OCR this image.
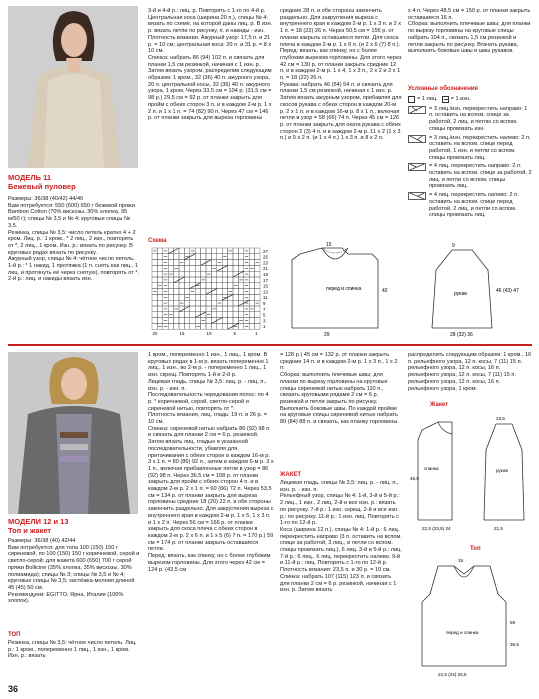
МОДЕЛЬ 11
Бежевый пуловер
Размеры: 36/38 (40/42) 44/46
Вам потребуется: 550 (600) 650 г бежевой пряжи Bamboo Cotton (70% вискозы, 30% хлопка, 95 м/50 г); спицы № 3,5 и № 4; круговые спицы № 3,5.
Резинка, спицы № 3,5: число петель кратно 4 + 2 кром. Лиц. р.: 1 кром., * 2 лиц., 2 изн., повторять от *, 2 лиц., 1 кром. Изн. р.: вязать по рисунку. В круговых рядах вязать по рисунку.
Ажурный узор, спицы № 4: чётное число петель. 1-й р.: * 1 накид, 1 протяжка (1 п. снять как лиц., 1 лиц. и протянуть её через снятую), повторять от *. 2-й р.: лиц. и накиды вязать изн.
3-й и 4-й р.: лиц. р. Повторять с 1-го по 4-й р.
Центральная коса (ширина 20 п.), спицы № 4: вязать по схеме, на которой даны лиц. р. В изн. р. вязать петли по рисунку, п. и накиды - изн.
Плотность вязания. Ажурный узор: 17,5 п. и 21 р. = 10 см; центральная коса: 20 п. и 31 р. = 8 х 10 см.
Спинка: набрать 86 (94) 102 п. и связать для планки 1,5 см резинкой, начиная с 1 изн. р. Затем вязать узором, распределив следующим образом: 1 кром., 32 (36) 40 п. ажурного узора, 20 п. центральной косы, 32 (36) 40 п. ажурного узора, 1 кром. Через 33,5 см = 104 р. (31,5 см = 98 р.) 29,5 см = 92 р. от планки закрыть для пройм с обеих сторон 3 п. и в каждом 2-м р. 1 х 2 п. и 1 х 1 п. = 74 (82) 90 п. Через 47 см = 146 р. от планки закрыть для выреза горловины
средние 28 п. и обе стороны закончить раздельно. Для закругления выреза с внутреннего края в каждом 2-м р. 1 х 3 п. и 2 х 1 п. = 18 (22) 26 п. Через 50,5 см = 156 р. от планки закрыть оставшиеся петли. Для скоса плеча в каждом 2-м р. 1 х 6 п. (и 2 х 6 (7) 8 п.).
Перед: вязать, как спинку, но с более глубоким вырезом горловины. Для этого через 42 см = 130 р. от планки закрыть средние 12 п. и в каждом 2-м р. 1 х 4, 1 х 3 п., 2 х 2 и 2 х 1 п. = 18 (22) 26 п.
Рукава: набрать 46 (54) 54 п. и связать для планки 1,5 см резинкой, начиная с 1 изн. р. Затем вязать ажурным узором, прибавляя для скосов рукава с обеих сторон в каждом 20-м р. 2 х 1 п. и в каждом 16-м р. 8 х 1 п., включая петли в узор = 58 (66) 74 п. Через 45 см = 126 р. от планки закрыть для оката рукава с обеих сторон 2 (3) 4 п. и в каждом 2-м р. 11 х 2 (1 х 3 п.) и 9 х 2 п. (и 1 х 4 п.) 1 х 3 п. и 8 х 2 п.
х 4 п. Через 48,5 см = 150 р. от планки закрыть оставшиеся 16 п.
Сборка: выполнить плечевые швы; для планки по вырезу горловины на круговые спицы набрать 104 п., связать 1,5 см резинкой и петли закрыть по рисунку. Втачать рукава, выполнить боковые швы и швы рукавов.
Условные обозначения
= 1 лиц. = 1 изн.
= 3 лиц./изн. перекрестить направо: 1 п. оставить на вспом. спице за работой, 2 лиц. и петлю со вспом. спицы провязать изн.
= 3 лиц./изн. перекрестить налево: 2 п. оставить на вспом. спице перед работой, 1 изн. и петли со вспом. спицы провязать лиц.
= 4 лиц. перекрестить направо: 2 п. оставить на вспом. спице за работой, 2 лиц. и петли со вспом. спицы провязать лиц.
= 4 лиц. перекрестить налево: 2 п. оставить на вспом. спице перед работой, 2 лиц. и петли со вспом. спицы провязать лиц.
Схема
27
25
23
21
19
17
15
13
11
9
7
5
3
1
20	15	10	5	1
перед и спинка	42
29
рукав	46 (43) 47
28 (32) 36
9
15
МОДЕЛИ 12 и 13
Топ и жакет
Размеры: 36/38 (40) 42/44
Вам потребуется: для топа 100 (150) 150 г сиреневой, по 100 (150) 150 г коричневой, серой и светло-серой; для жакета 600 (650) 700 г серой пряжи Bollicine (35% хлопка, 35% вискозы, 30% полиамида); спицы № 3; спицы № 3,5 и № 4; круговые спицы № 3,5; застёжка-молния длиной 45 (45) 50 см.
Рекомендуем: EGITTO, Ярна, Италия (100% хлопок).
ТОП
Резинка, спицы № 3,5: чётное число петель. Лиц. р.: 1 кром., попеременно 1 лиц., 1 изн., 1 кром. Изн. р.: вязать
1 кром., попеременно 1 изн., 1 лиц., 1 кром. В круговых рядах в 1-м р. вязать попеременно 1 лиц., 1 изн., во 2-м р. - попеременно 1 лиц., 1 изн. скрещ. Повторять 1-й и 2-й р.
Лицевая гладь, спицы № 3,5: лиц. р. - лиц. п., изн. р. - изн. п.
Последовательность чередования полос: по 4 р. * коричневой, серой, светло-серой и сиреневой нитью, повторять от *.
Плотность вязания, лиц. гладь: 19 п. и 26 р. = 10 см.
Спинка: сиреневой нитью набрать 86 (92) 98 п. и связать для планки 2 см = 6 р. резинкой. Затем вязать лиц. гладью в указанной последовательности, убавляя для притачивания с обеих сторон в каждом 16-м р. 3 х 1 п. = 80 (86) 92 п., затем в каждом 6-м р. 3 х 1 п., включая прибавленные петли в узор = 86 (92) 98 п. Через 36,5 см = 108 р. от планки закрыть для пройм с обеих сторон 4 п. и в каждом 2-м р. 2 х 1 п. = 60 (66) 72 п. Через 53,5 см = 134 р. от планки закрыть для выреза горловины средние 18 (20) 22 п. и обе стороны закончить раздельно. Для закругления выреза с внутреннего края в каждом 2-м р. 1 х 5, 1 х 3 п. и 1 х 2 п. Через 56 см = 166 р. от планки закрыть для скоса плеча с обеих сторон в каждом 2-м р. 2 х 6 п. и 1 х 5 (6) 7 п. = 170 р.) 59 см = 174 р. от планки закрыть оставшиеся петли.
Перед: вязать, как спинку, но с более глубоким вырезом горловины. Для этого через 42 см = 124 р. (43,5 см
= 128 р.) 45 см = 132 р. от планки закрыть средние 14 п. и в каждом 2-м р. 1 х 3 п., 1 х 2 п.
Сборка: выполнить плечевые швы; для планки по вырезу горловины на круговые спицы сиреневой нитью набрать 110 п., связать круговыми рядами 2 см = 6 р. резинкой и петли закрыть по рисунку. Выполнить боковые швы. По каждой пройме на круговые спицы сиреневой нитью набрать 80 (84) 88 п. и связать, как планку горловины.
ЖАКЕТ
Лицевая гладь, спицы № 3,5: лиц. р. - лиц. п., изн. р. - изн. п.
Рельефный узор, спицы № 4: 1-й, 3-й и 5-й р.: 2 лиц., 1 изн., 2 лиц. 2-й и все изн. р.: вязать по рисунку. 7-й р.: 1 изн. скрещ. 2-й и все изн. р.: по рисунку. 11-й р.: 1 изн. лиц. Повторять с 1-го по 12-й р.
Коса (ширина 12 п.), спицы № 4: 1-й р.: 6 лиц. перекрестить направо (3 п. оставить на вспом. спице за работой, 3 лиц., и петли со вспом. спицы провязать лиц.), 6 лиц. 3-й и 5-й р.: лиц. 7-й р.: 6 лиц., 6 лиц. перекрестить налево. 9-й и 11-й р.: лиц. Повторять с 1-го по 12-й р.
Плотность вязания: 23,5 п. и 30 р. = 10 см.
Спинка: набрать 107 (115) 123 п. и связать для планки 2 см = 6 р. резинкой, начиная с 1 изн. р. Затем вязать
распределить следующим образом: 1 кром., 16 п. рельефного узора, 12 п. косы, 7 (11) 15 п. рельефного узора, 12 п. косы, 16 п. рельефного узора, 12 п. косы, 7 (11) 15 п. рельефного узора, 12 п. косы, 16 п. рельефного узора, 1 кром.
Жакет
спинка
46,5
22,5 (23,5) 24
рукав
23,5
21,5
Топ
перед и спинка
59
36,5
22,5 (24) 25,5
15
36
